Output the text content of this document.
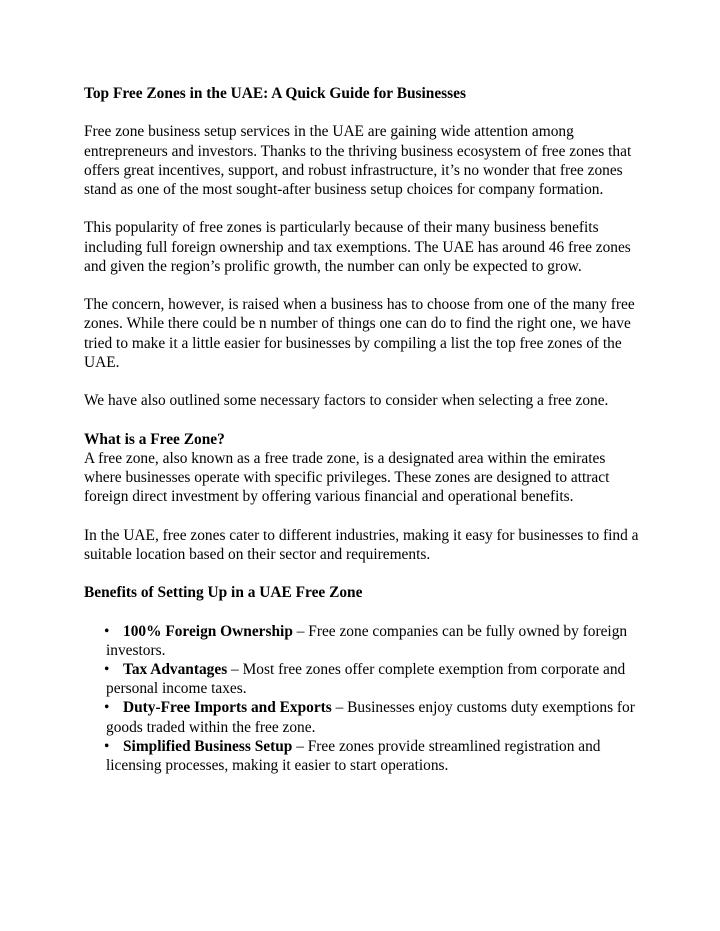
Top Free Zones in the UAE: A Quick Guide for Businesses

Free zone business setup services in the UAE are gaining wide attention among entrepreneurs and investors. Thanks to the thriving business ecosystem of free zones that offers great incentives, support, and robust infrastructure, it’s no wonder that free zones stand as one of the most sought-after business setup choices for company formation.

This popularity of free zones is particularly because of their many business benefits including full foreign ownership and tax exemptions. The UAE has around 46 free zones and given the region’s prolific growth, the number can only be expected to grow.

The concern, however, is raised when a business has to choose from one of the many free zones. While there could be n number of things one can do to find the right one, we have tried to make it a little easier for businesses by compiling a list the top free zones of the UAE.

We have also outlined some necessary factors to consider when selecting a free zone.

What is a Free Zone?
A free zone, also known as a free trade zone, is a designated area within the emirates where businesses operate with specific privileges. These zones are designed to attract foreign direct investment by offering various financial and operational benefits.

In the UAE, free zones cater to different industries, making it easy for businesses to find a suitable location based on their sector and requirements.

Benefits of Setting Up in a UAE Free Zone

• 100% Foreign Ownership – Free zone companies can be fully owned by foreign investors.
• Tax Advantages – Most free zones offer complete exemption from corporate and personal income taxes.
• Duty-Free Imports and Exports – Businesses enjoy customs duty exemptions for goods traded within the free zone.
• Simplified Business Setup – Free zones provide streamlined registration and licensing processes, making it easier to start operations.
